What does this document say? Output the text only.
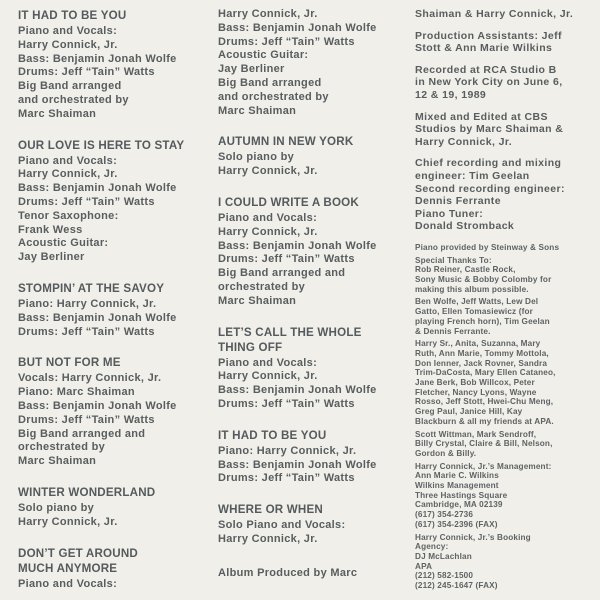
IT HAD TO BE YOU
Piano and Vocals:
Harry Connick, Jr.
Bass: Benjamin Jonah Wolfe
Drums: Jeff “Tain” Watts
Big Band arranged
and orchestrated by
Marc Shaiman
OUR LOVE IS HERE TO STAY
Piano and Vocals:
Harry Connick, Jr.
Bass: Benjamin Jonah Wolfe
Drums: Jeff “Tain” Watts
Tenor Saxophone:
Frank Wess
Acoustic Guitar:
Jay Berliner
STOMPIN’ AT THE SAVOY
Piano: Harry Connick, Jr.
Bass: Benjamin Jonah Wolfe
Drums: Jeff “Tain” Watts
BUT NOT FOR ME
Vocals: Harry Connick, Jr.
Piano: Marc Shaiman
Bass: Benjamin Jonah Wolfe
Drums: Jeff “Tain” Watts
Big Band arranged and
orchestrated by
Marc Shaiman
WINTER WONDERLAND
Solo piano by
Harry Connick, Jr.
DON’T GET AROUND
MUCH ANYMORE
Piano and Vocals:
Harry Connick, Jr.
Bass: Benjamin Jonah Wolfe
Drums: Jeff “Tain” Watts
Acoustic Guitar:
Jay Berliner
Big Band arranged
and orchestrated by
Marc Shaiman
AUTUMN IN NEW YORK
Solo piano by
Harry Connick, Jr.
I COULD WRITE A BOOK
Piano and Vocals:
Harry Connick, Jr.
Bass: Benjamin Jonah Wolfe
Drums: Jeff “Tain” Watts
Big Band arranged and
orchestrated by
Marc Shaiman
LET’S CALL THE WHOLE
THING OFF
Piano and Vocals:
Harry Connick, Jr.
Bass: Benjamin Jonah Wolfe
Drums: Jeff “Tain” Watts
IT HAD TO BE YOU
Piano: Harry Connick, Jr.
Bass: Benjamin Jonah Wolfe
Drums: Jeff “Tain” Watts
WHERE OR WHEN
Solo Piano and Vocals:
Harry Connick, Jr.
Album Produced by Marc
Shaiman & Harry Connick, Jr.
Production Assistants: Jeff
Stott & Ann Marie Wilkins
Recorded at RCA Studio B
in New York City on June 6,
12 & 19, 1989
Mixed and Edited at CBS
Studios by Marc Shaiman &
Harry Connick, Jr.
Chief recording and mixing
engineer: Tim Geelan
Second recording engineer:
Dennis Ferrante
Piano Tuner:
Donald Stromback
Piano provided by Steinway & Sons
Special Thanks To:
Rob Reiner, Castle Rock,
Sony Music & Bobby Colomby for
making this album possible.
Ben Wolfe, Jeff Watts, Lew Del
Gatto, Ellen Tomasiewicz (for
playing French horn), Tim Geelan
& Dennis Ferrante.
Harry Sr., Anita, Suzanna, Mary
Ruth, Ann Marie, Tommy Mottola,
Don Ienner, Jack Rovner, Sandra
Trim-DaCosta, Mary Ellen Cataneo,
Jane Berk, Bob Willcox, Peter
Fletcher, Nancy Lyons, Wayne
Rosso, Jeff Stott, Hwei-Chu Meng,
Greg Paul, Janice Hill, Kay
Blackburn & all my friends at APA.
Scott Wittman, Mark Sendroff,
Billy Crystal, Claire & Bill, Nelson,
Gordon & Billy.
Harry Connick, Jr.’s Management:
Ann Marie C. Wilkins
Wilkins Management
Three Hastings Square
Cambridge, MA 02139
(617) 354-2736
(617) 354-2396 (FAX)
Harry Connick, Jr.’s Booking
Agency:
DJ McLachlan
APA
(212) 582-1500
(212) 245-1647 (FAX)
